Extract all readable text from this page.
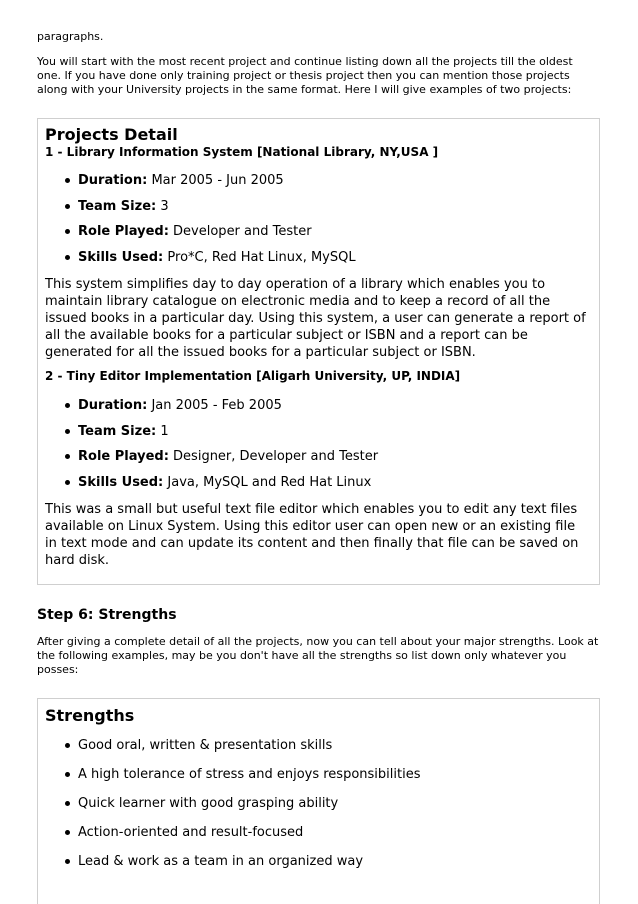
paragraphs.

You will start with the most recent project and continue listing down all the projects till the oldest one. If you have done only training project or thesis project then you can mention those projects along with your University projects in the same format. Here I will give examples of two projects:

Projects Detail
1 - Library Information System [National Library, NY,USA ]
Duration: Mar 2005 - Jun 2005
Team Size: 3
Role Played: Developer and Tester
Skills Used: Pro*C, Red Hat Linux, MySQL

This system simplifies day to day operation of a library which enables you to maintain library catalogue on electronic media and to keep a record of all the issued books in a particular day. Using this system, a user can generate a report of all the available books for a particular subject or ISBN and a report can be generated for all the issued books for a particular subject or ISBN.

2 - Tiny Editor Implementation [Aligarh University, UP, INDIA]
Duration: Jan 2005 - Feb 2005
Team Size: 1
Role Played: Designer, Developer and Tester
Skills Used: Java, MySQL and Red Hat Linux

This was a small but useful text file editor which enables you to edit any text files available on Linux System. Using this editor user can open new or an existing file in text mode and can update its content and then finally that file can be saved on hard disk.

Step 6: Strengths

After giving a complete detail of all the projects, now you can tell about your major strengths. Look at the following examples, may be you don't have all the strengths so list down only whatever you posses:

Strengths
Good oral, written & presentation skills
A high tolerance of stress and enjoys responsibilities
Quick learner with good grasping ability
Action-oriented and result-focused
Lead & work as a team in an organized way
